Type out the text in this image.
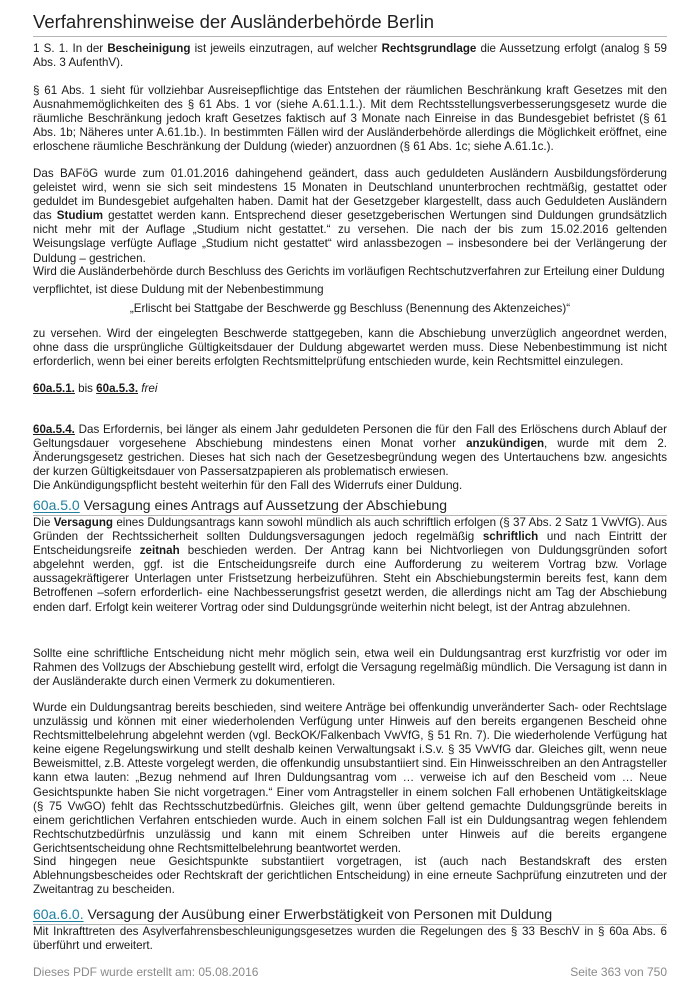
Verfahrenshinweise der Ausländerbehörde Berlin
1 S. 1. In der Bescheinigung ist jeweils einzutragen, auf welcher Rechtsgrundlage die Aussetzung erfolgt (analog § 59 Abs. 3 AufenthV).
§ 61 Abs. 1 sieht für vollziehbar Ausreisepflichtige das Entstehen der räumlichen Beschränkung kraft Gesetzes mit den Ausnahmemöglichkeiten des § 61 Abs. 1 vor (siehe A.61.1.1.). Mit dem Rechtsstellungsverbesserungsgesetz wurde die räumliche Beschränkung jedoch kraft Gesetzes faktisch auf 3 Monate nach Einreise in das Bundesgebiet befristet (§ 61 Abs. 1b; Näheres unter A.61.1b.). In bestimmten Fällen wird der Ausländerbehörde allerdings die Möglichkeit eröffnet, eine erloschene räumliche Beschränkung der Duldung (wieder) anzuordnen (§ 61 Abs. 1c; siehe A.61.1c.).
Das BAFöG wurde zum 01.01.2016 dahingehend geändert, dass auch geduldeten Ausländern Ausbildungsförderung geleistet wird, wenn sie sich seit mindestens 15 Monaten in Deutschland ununterbrochen rechtmäßig, gestattet oder geduldet im Bundesgebiet aufgehalten haben. Damit hat der Gesetzgeber klargestellt, dass auch Geduldeten Ausländern das Studium gestattet werden kann. Entsprechend dieser gesetzgeberischen Wertungen sind Duldungen grundsätzlich nicht mehr mit der Auflage „Studium nicht gestattet.“ zu versehen. Die nach der bis zum 15.02.2016 geltenden Weisungslage verfügte Auflage „Studium nicht gestattet“ wird anlassbezogen – insbesondere bei der Verlängerung der Duldung – gestrichen.
Wird die Ausländerbehörde durch Beschluss des Gerichts im vorläufigen Rechtschutzverfahren zur Erteilung einer Duldung
verpflichtet, ist diese Duldung mit der Nebenbestimmung
„Erlischt bei Stattgabe der Beschwerde gg Beschluss (Benennung des Aktenzeiches)“
zu versehen. Wird der eingelegten Beschwerde stattgegeben, kann die Abschiebung unverzüglich angeordnet werden, ohne dass die ursprüngliche Gültigkeitsdauer der Duldung abgewartet werden muss. Diese Nebenbestimmung ist nicht erforderlich, wenn bei einer bereits erfolgten Rechtsmittelprüfung entschieden wurde, kein Rechtsmittel einzulegen.
60a.5.1. bis 60a.5.3. frei
60a.5.4. Das Erfordernis, bei länger als einem Jahr geduldeten Personen die für den Fall des Erlöschens durch Ablauf der Geltungsdauer vorgesehene Abschiebung mindestens einen Monat vorher anzukündigen, wurde mit dem 2. Änderungsgesetz gestrichen. Dieses hat sich nach der Gesetzesbegründung wegen des Untertauchens bzw. angesichts der kurzen Gültigkeitsdauer von Passersatzpapieren als problematisch erwiesen.
Die Ankündigungspflicht besteht weiterhin für den Fall des Widerrufs einer Duldung.
60a.5.0 Versagung eines Antrags auf Aussetzung der Abschiebung
Die Versagung eines Duldungsantrags kann sowohl mündlich als auch schriftlich erfolgen (§ 37 Abs. 2 Satz 1 VwVfG). Aus Gründen der Rechtssicherheit sollten Duldungsversagungen jedoch regelmäßig schriftlich und nach Eintritt der Entscheidungsreife zeitnah beschieden werden. Der Antrag kann bei Nichtvorliegen von Duldungsgründen sofort abgelehnt werden, ggf. ist die Entscheidungsreife durch eine Aufforderung zu weiterem Vortrag bzw. Vorlage aussagekräftigerer Unterlagen unter Fristsetzung herbeizuführen. Steht ein Abschiebungstermin bereits fest, kann dem Betroffenen –sofern erforderlich- eine Nachbesserungsfrist gesetzt werden, die allerdings nicht am Tag der Abschiebung enden darf. Erfolgt kein weiterer Vortrag oder sind Duldungsgründe weiterhin nicht belegt, ist der Antrag abzulehnen.
Sollte eine schriftliche Entscheidung nicht mehr möglich sein, etwa weil ein Duldungsantrag erst kurzfristig vor oder im Rahmen des Vollzugs der Abschiebung gestellt wird, erfolgt die Versagung regelmäßig mündlich. Die Versagung ist dann in der Ausländerakte durch einen Vermerk zu dokumentieren.
Wurde ein Duldungsantrag bereits beschieden, sind weitere Anträge bei offenkundig unveränderter Sach- oder Rechtslage unzulässig und können mit einer wiederholenden Verfügung unter Hinweis auf den bereits ergangenen Bescheid ohne Rechtsmittelbelehrung abgelehnt werden (vgl. BeckOK/Falkenbach VwVfG, § 51 Rn. 7). Die wiederholende Verfügung hat keine eigene Regelungswirkung und stellt deshalb keinen Verwaltungsakt i.S.v. § 35 VwVfG dar. Gleiches gilt, wenn neue Beweismittel, z.B. Atteste vorgelegt werden, die offenkundig unsubstantiiert sind. Ein Hinweisschreiben an den Antragsteller kann etwa lauten: „Bezug nehmend auf Ihren Duldungsantrag vom … verweise ich auf den Bescheid vom … Neue Gesichtspunkte haben Sie nicht vorgetragen.“ Einer vom Antragsteller in einem solchen Fall erhobenen Untätigkeitsklage (§ 75 VwGO) fehlt das Rechtsschutzbedürfnis. Gleiches gilt, wenn über geltend gemachte Duldungsgründe bereits in einem gerichtlichen Verfahren entschieden wurde. Auch in einem solchen Fall ist ein Duldungsantrag wegen fehlendem Rechtschutzbedürfnis unzulässig und kann mit einem Schreiben unter Hinweis auf die bereits ergangene Gerichtsentscheidung ohne Rechtsmittelbelehrung beantwortet werden.
Sind hingegen neue Gesichtspunkte substantiiert vorgetragen, ist (auch nach Bestandskraft des ersten Ablehnungsbescheides oder Rechtskraft der gerichtlichen Entscheidung) in eine erneute Sachprüfung einzutreten und der Zweitantrag zu bescheiden.
60a.6.0. Versagung der Ausübung einer Erwerbstätigkeit von Personen mit Duldung
Mit Inkrafttreten des Asylverfahrensbeschleunigungsgesetzes wurden die Regelungen des § 33 BeschV in § 60a Abs. 6 überführt und erweitert.
Dieses PDF wurde erstellt am: 05.08.2016	Seite 363 von 750
